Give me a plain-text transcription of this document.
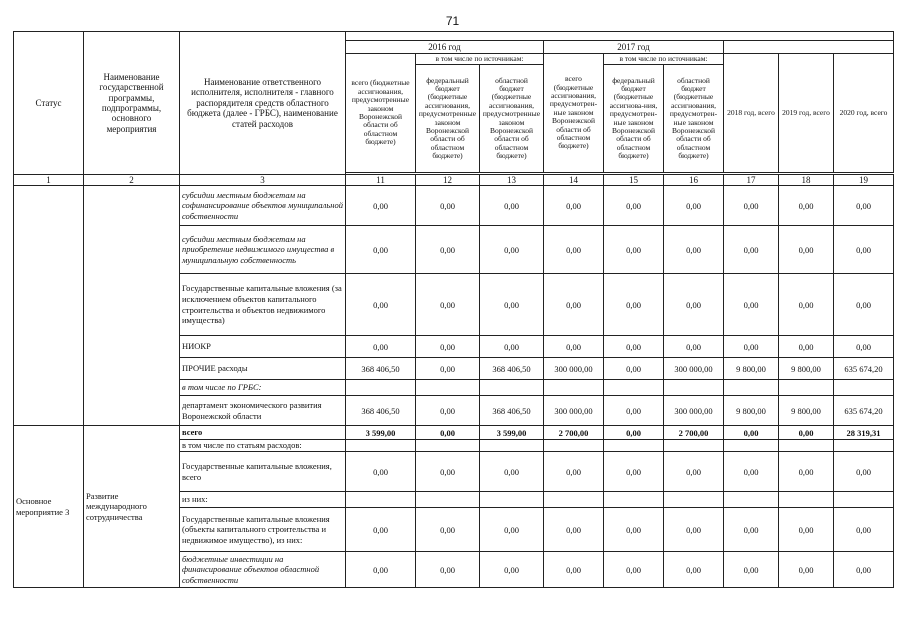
71
Статус	Наименование государственной программы, подпрограммы, основного мероприятия	Наименование ответственного исполнителя, исполнителя - главного распорядителя средств областного бюджета (далее - ГРБС), наименование статей расходов									
			2016 год			2017 год					
			всего (бюджетные ассигнования, предусмотренные законом Воронежской области об областном бюджете)	в том числе по источникам:		всего (бюджетные ассигнования, предусмотрен-ные законом Воронежской области об областном бюджете)	в том числе по источникам:		2018 год, всего	2019 год, всего	2020 год, всего
				федеральный бюджет (бюджетные ассигнования, предусмотренные законом Воронежской области об областном бюджете)	областной бюджет (бюджетные ассигнования, предусмотренные законом Воронежской области об областном бюджете)		федеральный бюджет (бюджетные ассигнова-ния, предусмотрен-ные законом Воронежской области об областном бюджете)	областной бюджет (бюджетные ассигнования, предусмотрен-ные законом Воронежской области об областном бюджете)			

1	2	3	11	12	13	14	15	16	17	18	19
		субсидии местным бюджетам на софинансирование объектов муниципальной собственности	0,00	0,00	0,00	0,00	0,00	0,00	0,00	0,00	0,00
		субсидии местным бюджетам на приобретение недвижимого имущества в муниципальную собственность	0,00	0,00	0,00	0,00	0,00	0,00	0,00	0,00	0,00
		Государственные капитальные вложения (за исключением объектов капитального строительства и объектов недвижимого имущества)	0,00	0,00	0,00	0,00	0,00	0,00	0,00	0,00	0,00
		НИОКР	0,00	0,00	0,00	0,00	0,00	0,00	0,00	0,00	0,00
		ПРОЧИЕ расходы	368 406,50	0,00	368 406,50	300 000,00	0,00	300 000,00	9 800,00	9 800,00	635 674,20
		в том числе по ГРБС:									
		департамент экономического развития Воронежской области	368 406,50	0,00	368 406,50	300 000,00	0,00	300 000,00	9 800,00	9 800,00	635 674,20
Основное мероприятие 3	Развитие международного сотрудничества	всего	3 599,00	0,00	3 599,00	2 700,00	0,00	2 700,00	0,00	0,00	28 319,31
		в том числе по статьям расходов:									
		Государственные капитальные вложения, всего	0,00	0,00	0,00	0,00	0,00	0,00	0,00	0,00	0,00
		из них:									
		Государственные капитальные вложения (объекты капитального строительства и недвижимое имущество), из них:	0,00	0,00	0,00	0,00	0,00	0,00	0,00	0,00	0,00
		бюджетные инвестиции на финансирование объектов областной собственности	0,00	0,00	0,00	0,00	0,00	0,00	0,00	0,00	0,00
